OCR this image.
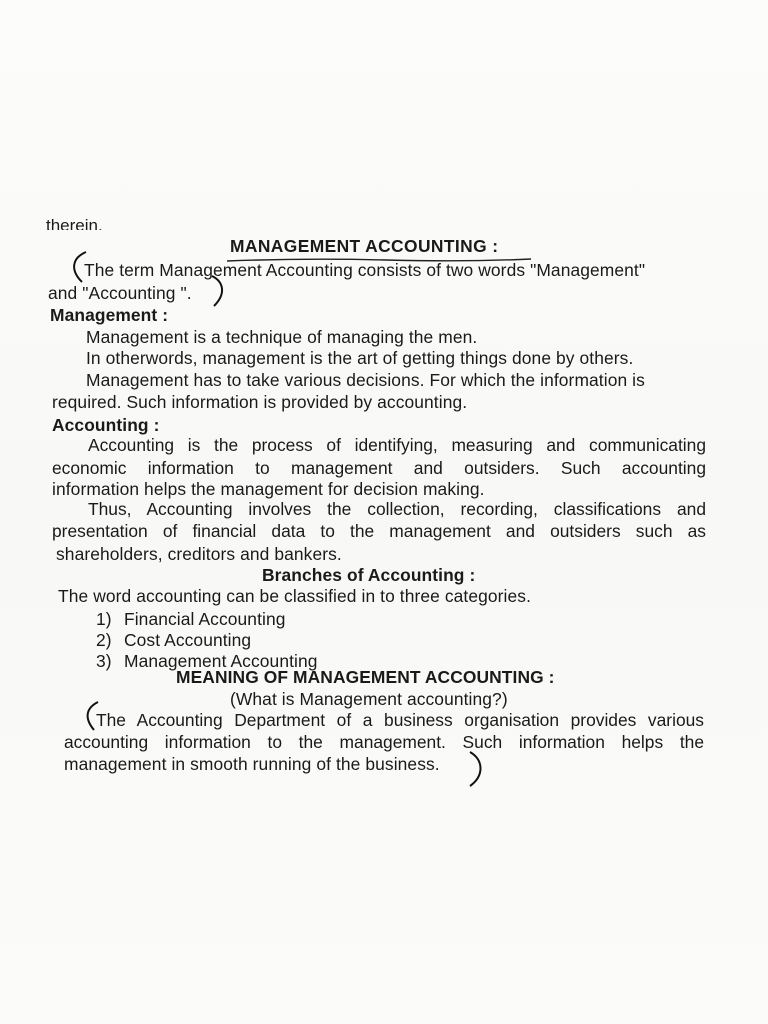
therein.
MANAGEMENT ACCOUNTING :
The term Management Accounting consists of two words "Management"
and "Accounting ".
Management :
Management is a technique of managing the men.
In otherwords, management is the art of getting things done by others.
Management has to take various decisions. For which the information is
required. Such information is provided by accounting.
Accounting :
Accounting is the process of identifying, measuring and communicating
economic information to management and outsiders. Such accounting
information helps the management for decision making.
Thus, Accounting involves the collection, recording, classifications and
presentation of financial data to the management and outsiders such as
shareholders, creditors and bankers.
Branches of Accounting :
The word accounting can be classified in to three categories.
1) Financial Accounting
2) Cost Accounting
3) Management Accounting
MEANING OF MANAGEMENT ACCOUNTING :
(What is Management accounting?)
The Accounting Department of a business organisation provides various
accounting information to the management. Such information helps the
management in smooth running of the business.
